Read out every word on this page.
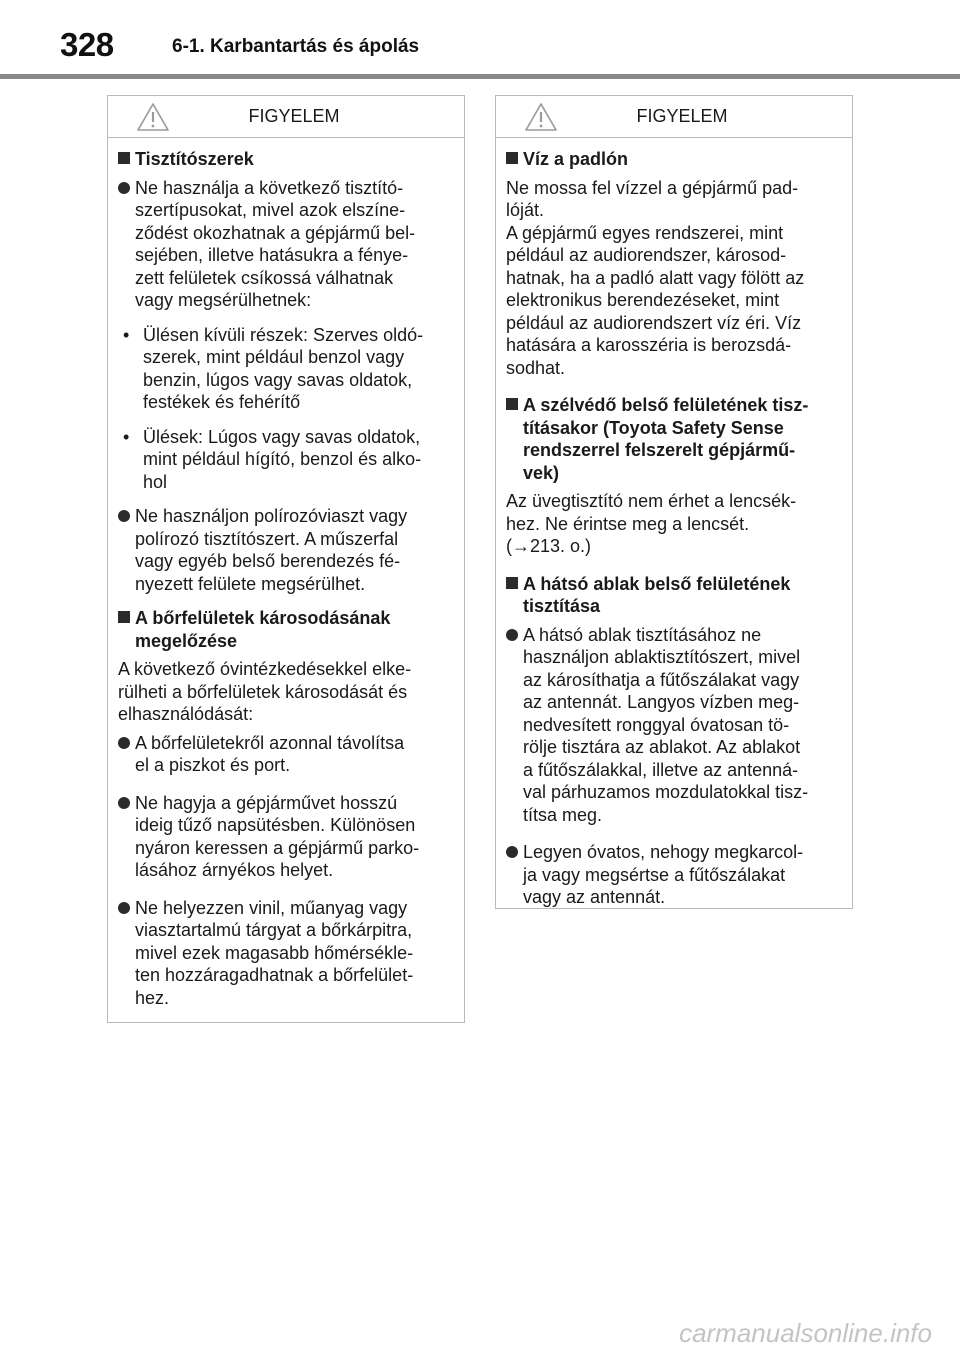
328	6-1. Karbantartás és ápolás
FIGYELEM

Tisztítószerek

Ne használja a következő tisztító-
szertípusokat, mivel azok elszíne-
ződést okozhatnak a gépjármű bel-
sejében, illetve hatásukra a fénye-
zett felületek csíkossá válhatnak
vagy megsérülhetnek:

• Ülésen kívüli részek: Szerves oldó-
szerek, mint például benzol vagy
benzin, lúgos vagy savas oldatok,
festékek és fehérítő

• Ülések: Lúgos vagy savas oldatok,
mint például hígító, benzol és alko-
hol

Ne használjon polírozóviaszt vagy
polírozó tisztítószert. A műszerfal
vagy egyéb belső berendezés fé-
nyezett felülete megsérülhet.

A bőrfelületek károsodásának
megelőzése

A következő óvintézkedésekkel elke-
rülheti a bőrfelületek károsodását és
elhasználódását:

A bőrfelületekről azonnal távolítsa
el a piszkot és port.

Ne hagyja a gépjárművet hosszú
ideig tűző napsütésben. Különösen
nyáron keressen a gépjármű parko-
lásához árnyékos helyet.

Ne helyezzen vinil, műanyag vagy
viasztartalmú tárgyat a bőrkárpitra,
mivel ezek magasabb hőmérsékle-
ten hozzáragadhatnak a bőrfelület-
hez.

FIGYELEM

Víz a padlón

Ne mossa fel vízzel a gépjármű pad-
lóját.
A gépjármű egyes rendszerei, mint
például az audiorendszer, károsod-
hatnak, ha a padló alatt vagy fölött az
elektronikus berendezéseket, mint
például az audiorendszert víz éri. Víz
hatására a karosszéria is berozsdá-
sodhat.

A szélvédő belső felületének tisz-
tításakor (Toyota Safety Sense
rendszerrel felszerelt gépjármű-
vek)

Az üvegtisztító nem érhet a lencsék-
hez. Ne érintse meg a lencsét.
(→213. o.)

A hátsó ablak belső felületének
tisztítása

A hátsó ablak tisztításához ne
használjon ablaktisztítószert, mivel
az károsíthatja a fűtőszálakat vagy
az antennát. Langyos vízben meg-
nedvesített ronggyal óvatosan tö-
rölje tisztára az ablakot. Az ablakot
a fűtőszálakkal, illetve az antenná-
val párhuzamos mozdulatokkal tisz-
títsa meg.

Legyen óvatos, nehogy megkarcol-
ja vagy megsértse a fűtőszálakat
vagy az antennát.

carmanualsonline.info
